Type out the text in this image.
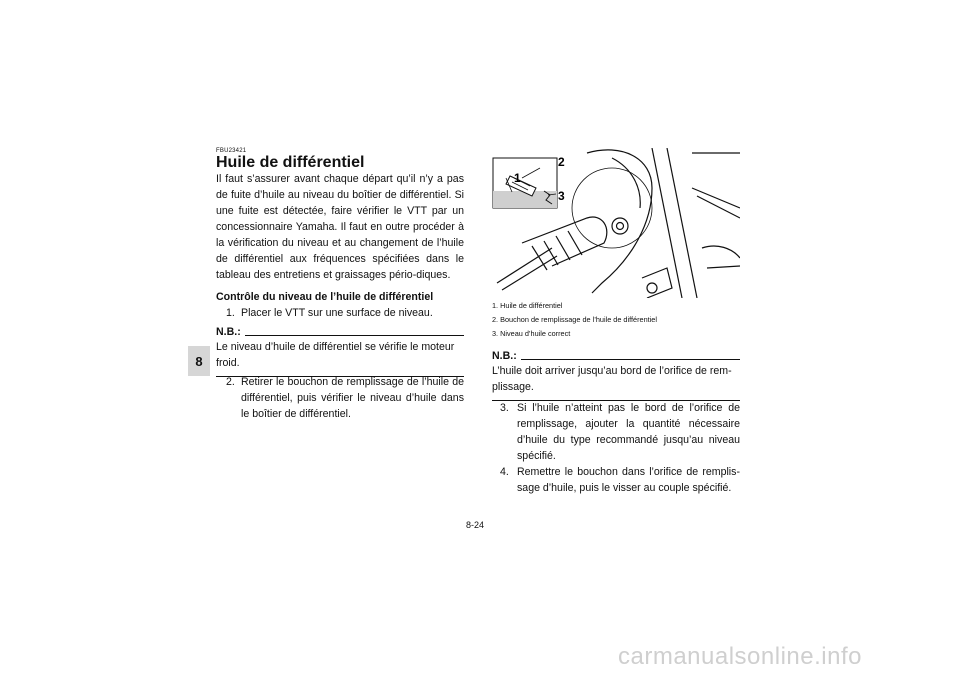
8
FBU23421
Huile de différentiel
Il faut s’assurer avant chaque départ qu’il n’y a pas de fuite d’huile au niveau du boîtier de différentiel. Si une fuite est détectée, faire vérifier le VTT par un concessionnaire Yamaha. Il faut en outre procéder à la vérification du niveau et au changement de l’huile de différentiel aux fréquences spécifiées dans le tableau des entretiens et graissages pério-diques.
Contrôle du niveau de l’huile de différentiel
1. Placer le VTT sur une surface de niveau.
N.B.:
Le niveau d’huile de différentiel se vérifie le moteur froid.
2. Retirer le bouchon de remplissage de l’huile de différentiel, puis vérifier le niveau d’huile dans le boîtier de différentiel.
1
2
3
1. Huile de différentiel
2. Bouchon de remplissage de l’huile de différentiel
3. Niveau d’huile correct
N.B.:
L’huile doit arriver jusqu’au bord de l’orifice de rem-plissage.
3. Si l’huile n’atteint pas le bord de l’orifice de remplissage, ajouter la quantité nécessaire d’huile du type recommandé jusqu’au niveau spécifié.
4. Remettre le bouchon dans l’orifice de remplis-sage d’huile, puis le visser au couple spécifié.
8-24
carmanualsonline.info
